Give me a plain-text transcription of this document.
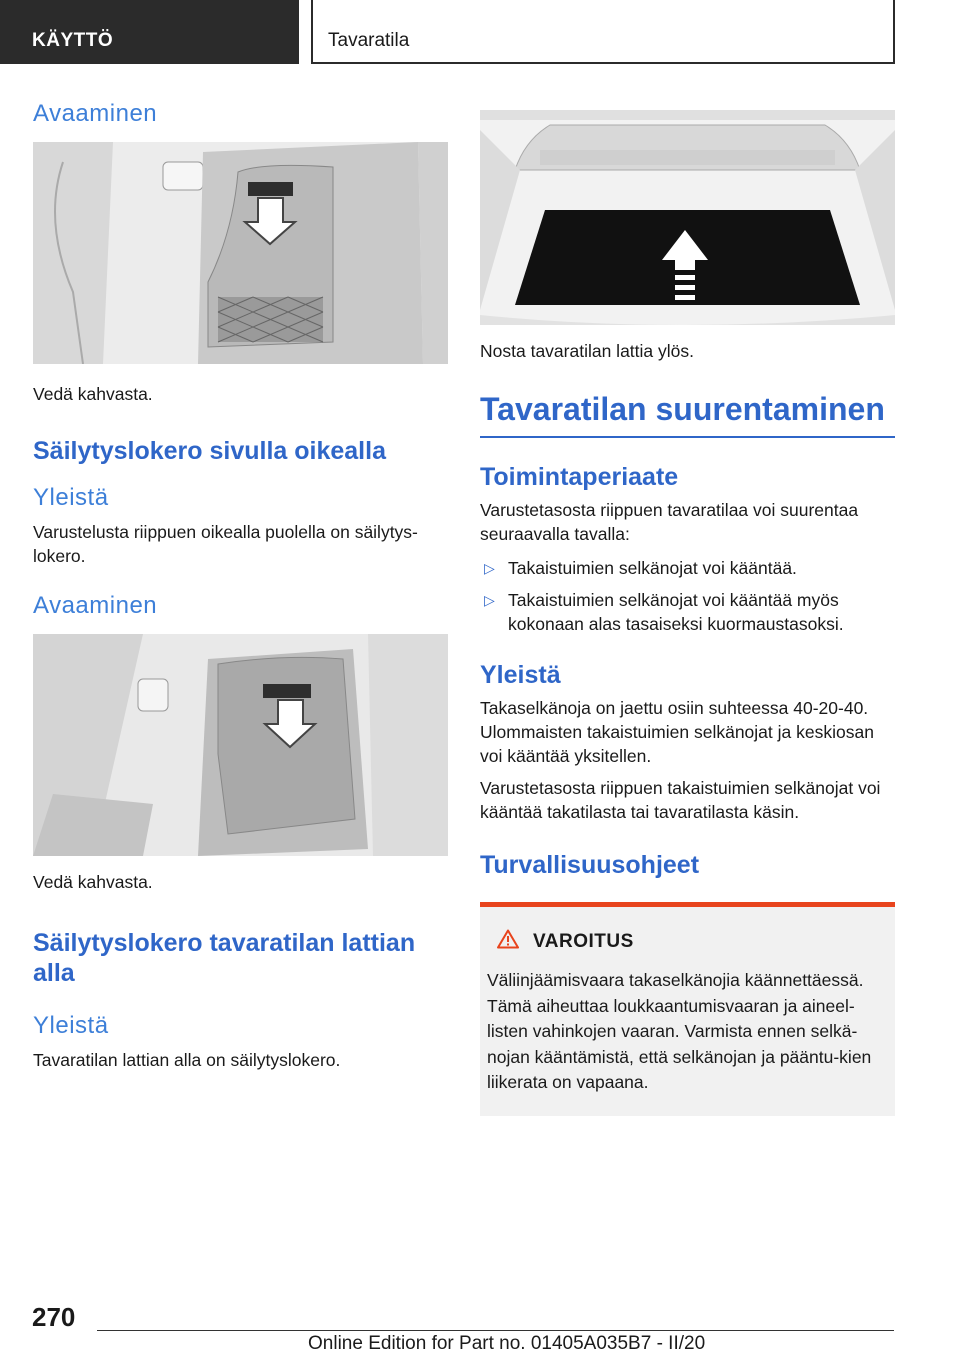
KÄYTTÖ	Tavaratila
Avaaminen

Vedä kahvasta.

Säilytyslokero sivulla oikealla
Yleistä

Varustelusta riippuen oikealla puolella on säilytys-lokero.

Avaaminen

Vedä kahvasta.

Säilytyslokero tavaratilan lattian alla
Yleistä

Tavaratilan lattian alla on säilytyslokero.

Nosta tavaratilan lattia ylös.

Tavaratilan suurentaminen
Toimintaperiaate

Varustetasosta riippuen tavaratilaa voi suurentaa seuraavalla tavalla:

▷ Takaistuimien selkänojat voi kääntää.
▷ Takaistuimien selkänojat voi kääntää myös kokonaan alas tasaiseksi kuormaustasoksi.
Yleistä

Takaselkänoja on jaettu osiin suhteessa 40-20-40. Ulommaisten takaistuimien selkänojat ja keskiosan voi kääntää yksitellen.

Varustetasosta riippuen takaistuimien selkänojat voi kääntää takatilasta tai tavaratilasta käsin.

Turvallisuusohjeet
VAROITUS

Väliinjäämisvaara takaselkänojia käännettäessä. Tämä aiheuttaa loukkaantumisvaaran ja aineel-listen vahinkojen vaaran. Varmista ennen selkä-nojan kääntämistä, että selkänojan ja pääntu-kien liikerata on vapaana.

270
Online Edition for Part no. 01405A035B7 - II/20
